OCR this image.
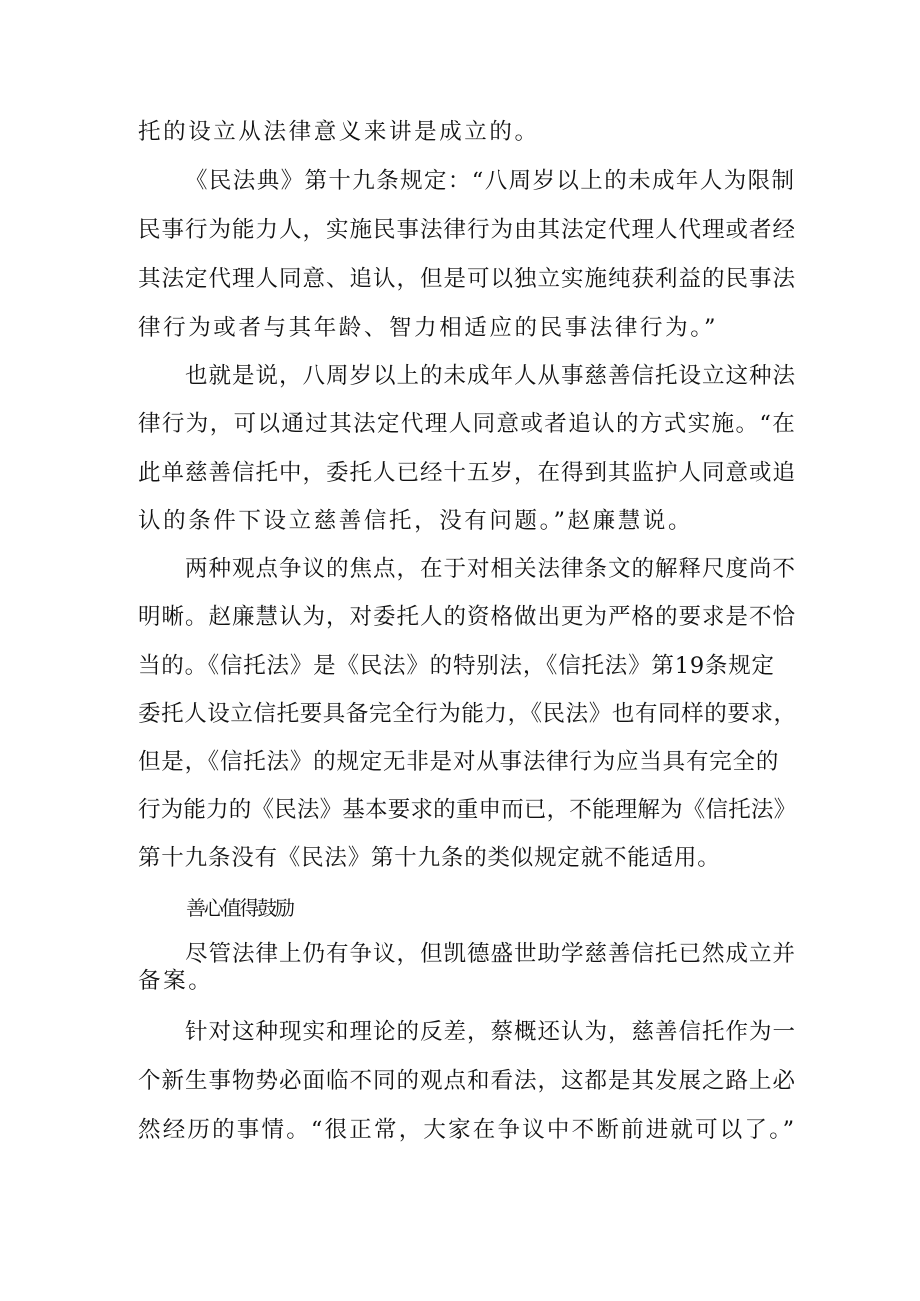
托的设立从法律意义来讲是成立的。
《民法典》第十九条规定：“八周岁以上的未成年人为限制
民事行为能力人，实施民事法律行为由其法定代理人代理或者经
其法定代理人同意、追认，但是可以独立实施纯获利益的民事法
律行为或者与其年龄、智力相适应的民事法律行为。”
也就是说，八周岁以上的未成年人从事慈善信托设立这种法
律行为，可以通过其法定代理人同意或者追认的方式实施。“在
此单慈善信托中，委托人已经十五岁，在得到其监护人同意或追
认的条件下设立慈善信托，没有问题。”赵廉慧说。
两种观点争议的焦点，在于对相关法律条文的解释尺度尚不
明晰。赵廉慧认为，对委托人的资格做出更为严格的要求是不恰
当的。《信托法》是《民法》的特别法，《信托法》第19条规定
委托人设立信托要具备完全行为能力，《民法》也有同样的要求，
但是，《信托法》的规定无非是对从事法律行为应当具有完全的
行为能力的《民法》基本要求的重申而已，不能理解为《信托法》
第十九条没有《民法》第十九条的类似规定就不能适用。
善心值得鼓励
尽管法律上仍有争议，但凯德盛世助学慈善信托已然成立并
备案。
针对这种现实和理论的反差，蔡概还认为，慈善信托作为一
个新生事物势必面临不同的观点和看法，这都是其发展之路上必
然经历的事情。“很正常，大家在争议中不断前进就可以了。”
